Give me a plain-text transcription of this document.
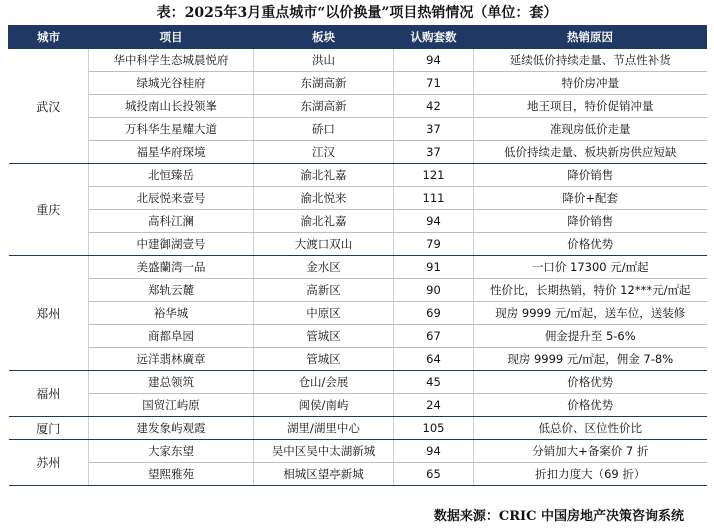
表：2025年3月重点城市“以价换量”项目热销情况（单位：套）
城市	项目	板块	认购套数	热销原因
武汉	华中科学生态城晨悦府	洪山	94	延续低价持续走量、节点性补货
	绿城光谷桂府	东湖高新	71	特价房冲量
	城投南山长投领峯	东湖高新	42	地王项目，特价促销冲量
	万科华生星耀大道	硚口	37	准现房低价走量
	福星华府琛境	江汉	37	低价持续走量、板块新房供应短缺
重庆	北恒臻岳	渝北礼嘉	121	降价销售
	北辰悦来壹号	渝北悦来	111	降价+配套
	高科江澜	渝北礼嘉	94	降价销售
	中建御湖壹号	大渡口双山	79	价格优势
郑州	美盛蘭湾一品	金水区	91	一口价 17300 元/㎡起
	郑轨云麓	高新区	90	性价比，长期热销，特价 12***元/㎡起
	裕华城	中原区	69	现房 9999 元/㎡起，送车位，送装修
	商都阜园	管城区	67	佣金提升至 5-6%
	远洋翡林廣章	管城区	64	现房 9999 元/㎡起，佣金 7-8%
福州	建总领筑	仓山/会展	45	价格优势
	国贸江屿原	闽侯/南屿	24	价格优势
厦门	建发象屿观霞	湖里/湖里中心	105	低总价、区位性价比
苏州	大家东望	吴中区吴中太湖新城	94	分销加大+备案价 7 折
	望熙雅苑	相城区望亭新城	65	折扣力度大（69 折）
数据来源：CRIC 中国房地产决策咨询系统
